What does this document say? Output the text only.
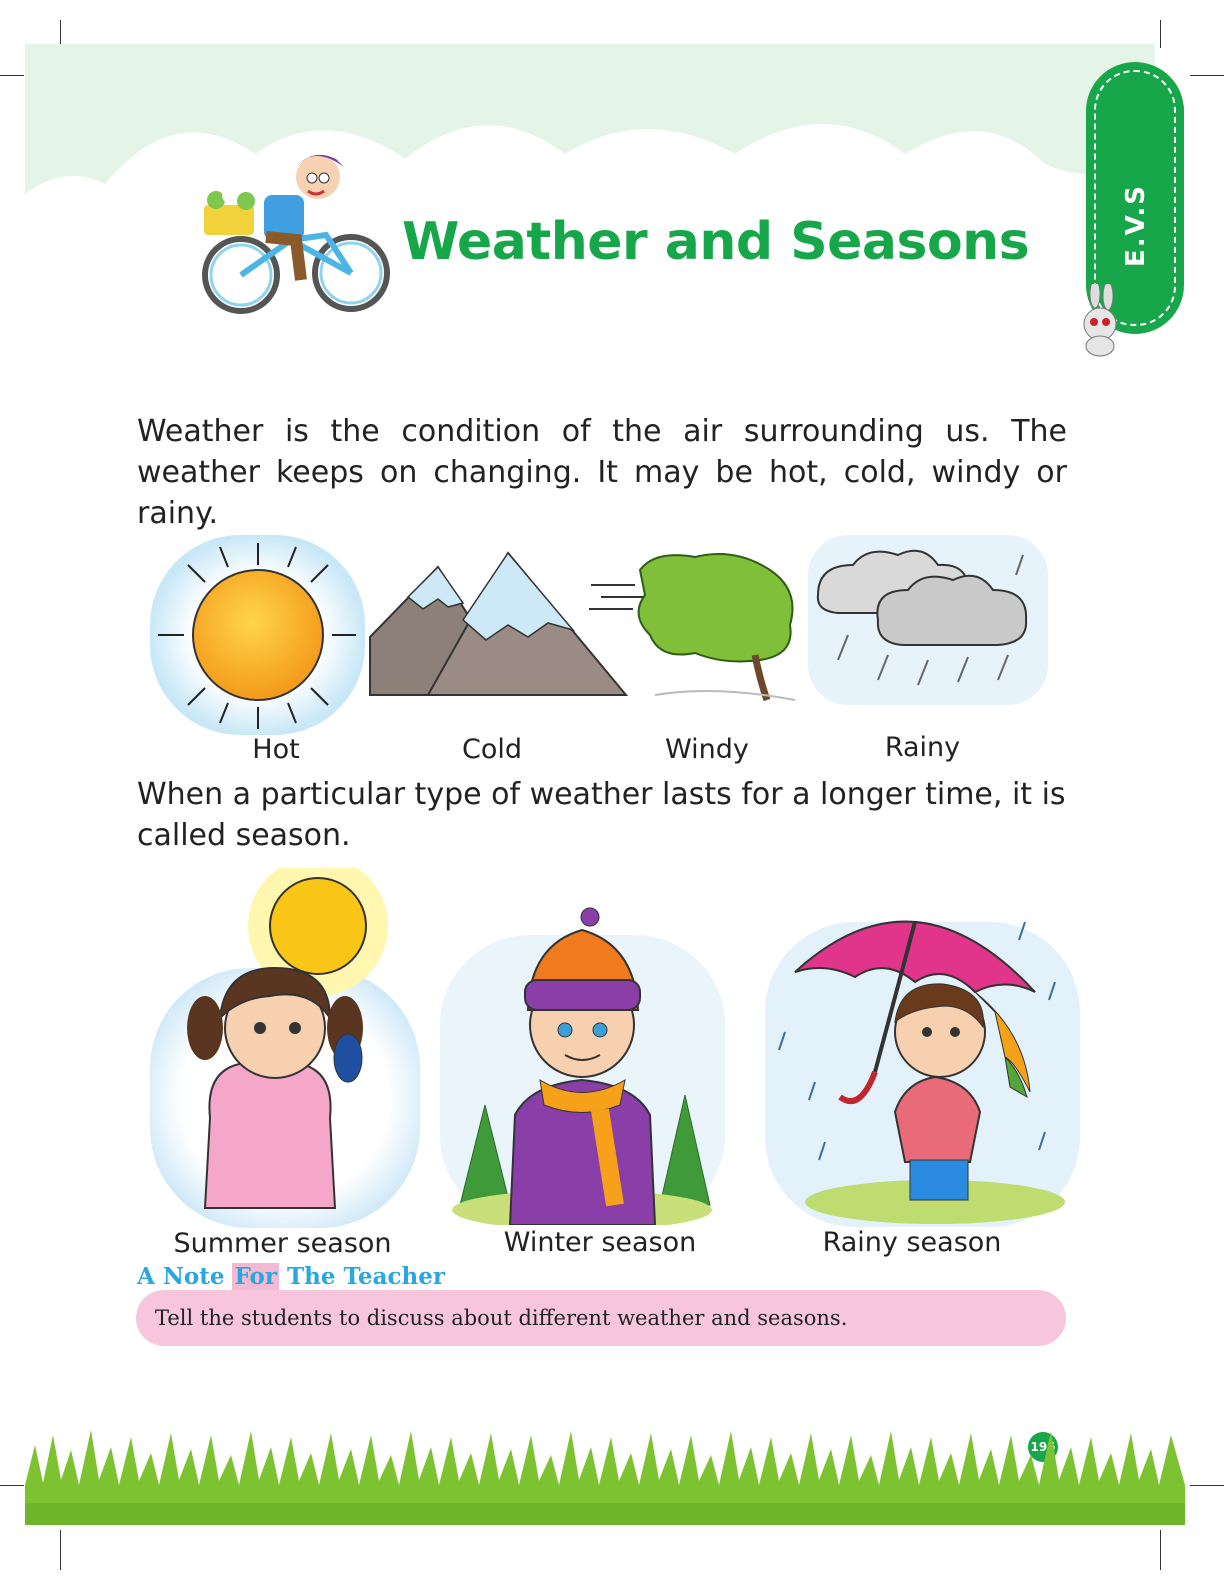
Weather and Seasons	E.V.S
Weather is the condition of the air surrounding us. The weather keeps on changing. It may be hot, cold, windy or rainy.
Hot	Cold	Windy	Rainy
When a particular type of weather lasts for a longer time, it is called season.
Summer season	Winter season	Rainy season
A Note For The Teacher
Tell the students to discuss about different weather and seasons.
195
